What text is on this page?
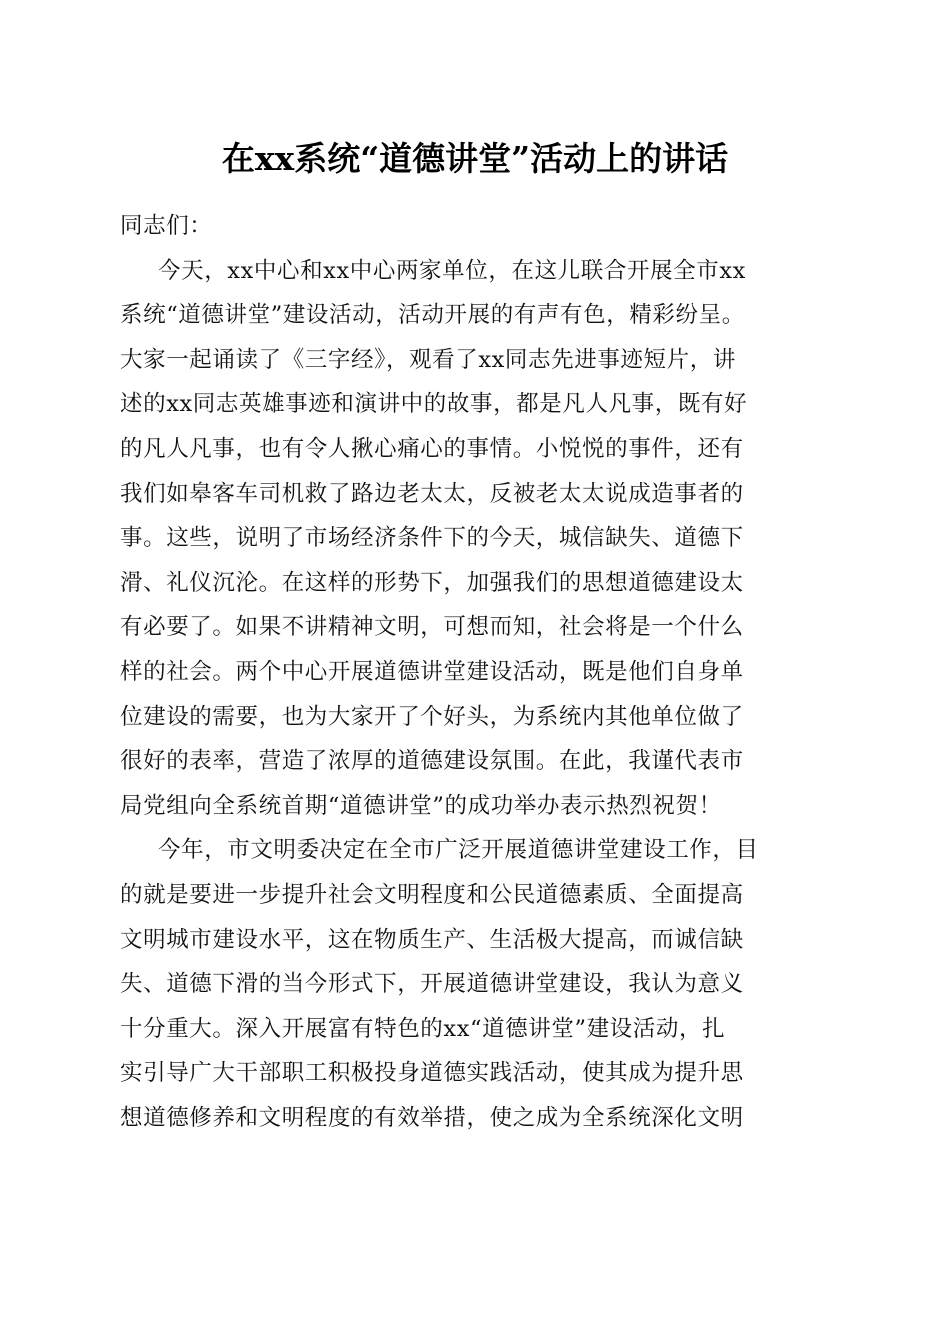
在xx系统“道德讲堂”活动上的讲话
同志们：
今天，xx中心和xx中心两家单位，在这儿联合开展全市xx
系统“道德讲堂”建设活动，活动开展的有声有色，精彩纷呈。
大家一起诵读了《三字经》，观看了xx同志先进事迹短片，讲
述的xx同志英雄事迹和演讲中的故事，都是凡人凡事，既有好
的凡人凡事，也有令人揪心痛心的事情。小悦悦的事件，还有
我们如皋客车司机救了路边老太太，反被老太太说成造事者的
事。这些，说明了市场经济条件下的今天，城信缺失、道德下
滑、礼仪沉沦。在这样的形势下，加强我们的思想道德建设太
有必要了。如果不讲精神文明，可想而知，社会将是一个什么
样的社会。两个中心开展道德讲堂建设活动，既是他们自身单
位建设的需要，也为大家开了个好头，为系统内其他单位做了
很好的表率，营造了浓厚的道德建设氛围。在此，我谨代表市
局党组向全系统首期“道德讲堂”的成功举办表示热烈祝贺！
今年，市文明委决定在全市广泛开展道德讲堂建设工作，目
的就是要进一步提升社会文明程度和公民道德素质、全面提高
文明城市建设水平，这在物质生产、生活极大提高，而诚信缺
失、道德下滑的当今形式下，开展道德讲堂建设，我认为意义
十分重大。深入开展富有特色的xx“道德讲堂”建设活动，扎
实引导广大干部职工积极投身道德实践活动，使其成为提升思
想道德修养和文明程度的有效举措，使之成为全系统深化文明
